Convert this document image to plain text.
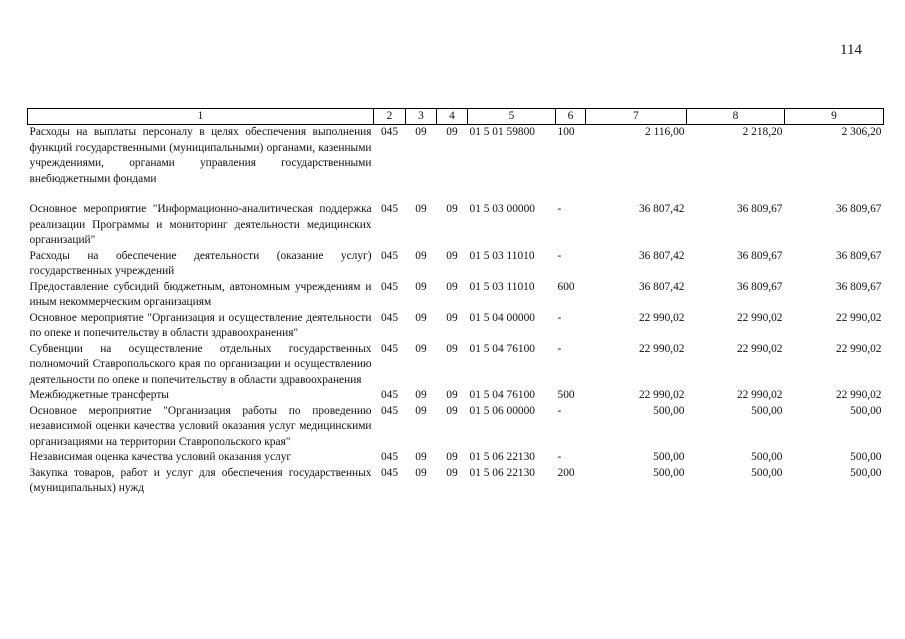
114
1	2	3	4	5	6	7	8	9
Расходы на выплаты персоналу в целях обеспечения выполнения функций государственными (муниципальными) органами, казенными учреждениями, органами управления государственными внебюджетными фондами	045	09	09	01 5 01 59800	100	2 116,00	2 218,20	2 306,20
Основное мероприятие "Информационно-аналитическая поддержка реализации Программы и мониторинг деятельности медицинских организаций"	045	09	09	01 5 03 00000	-	36 807,42	36 809,67	36 809,67
Расходы на обеспечение деятельности (оказание услуг) государственных учреждений	045	09	09	01 5 03 11010	-	36 807,42	36 809,67	36 809,67
Предоставление субсидий бюджетным, автономным учреждениям и иным некоммерческим организациям	045	09	09	01 5 03 11010	600	36 807,42	36 809,67	36 809,67
Основное мероприятие "Организация и осуществление деятельности по опеке и попечительству в области здравоохранения"	045	09	09	01 5 04 00000	-	22 990,02	22 990,02	22 990,02
Субвенции на осуществление отдельных государственных полномочий Ставропольского края по организации и осуществлению деятельности по опеке и попечительству в области здравоохранения	045	09	09	01 5 04 76100	-	22 990,02	22 990,02	22 990,02
Межбюджетные трансферты	045	09	09	01 5 04 76100	500	22 990,02	22 990,02	22 990,02
Основное мероприятие "Организация работы по проведению независимой оценки качества условий оказания услуг медицинскими организациями на территории Ставропольского края"	045	09	09	01 5 06 00000	-	500,00	500,00	500,00
Независимая оценка качества условий оказания услуг	045	09	09	01 5 06 22130	-	500,00	500,00	500,00
Закупка товаров, работ и услуг для обеспечения государственных (муниципальных) нужд	045	09	09	01 5 06 22130	200	500,00	500,00	500,00
